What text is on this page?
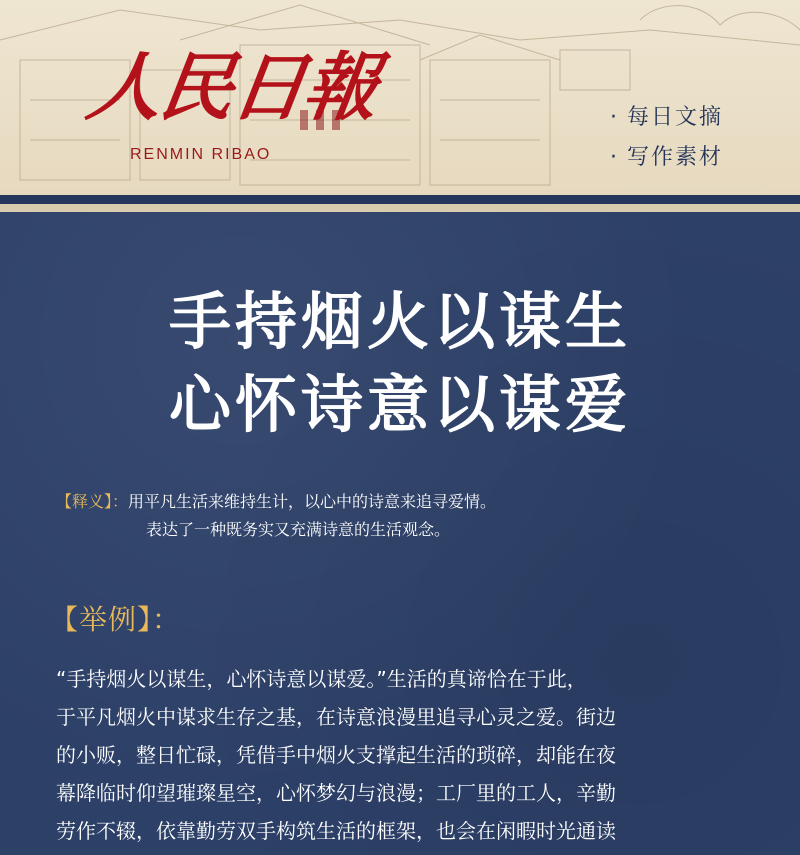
人民日報
RENMIN RIBAO
· 每日文摘
· 写作素材
手持烟火以谋生
心怀诗意以谋爱
【释义】：用平凡生活来维持生计，以心中的诗意来追寻爱情。
表达了一种既务实又充满诗意的生活观念。
【举例】：
“手持烟火以谋生，心怀诗意以谋爱。”生活的真谛恰在于此，
于平凡烟火中谋求生存之基，在诗意浪漫里追寻心灵之爱。街边
的小贩，整日忙碌，凭借手中烟火支撑起生活的琐碎，却能在夜
幕降临时仰望璀璨星空，心怀梦幻与浪漫；工厂里的工人，辛勤
劳作不辍，依靠勤劳双手构筑生活的框架，也会在闲暇时光通读
